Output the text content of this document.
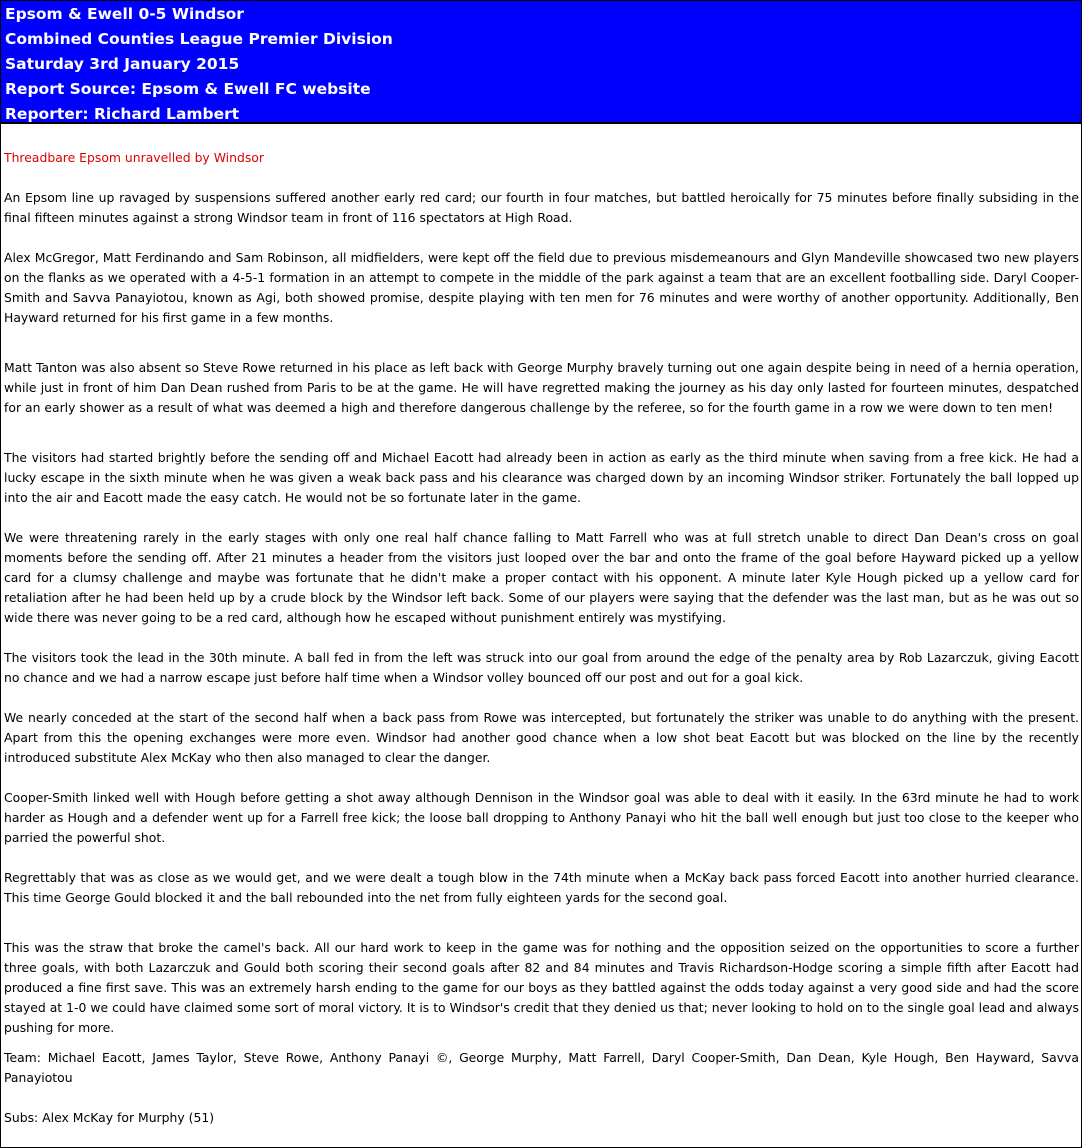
Epsom & Ewell 0-5 Windsor
Combined Counties League Premier Division
Saturday 3rd January 2015
Report Source: Epsom & Ewell FC website
Reporter: Richard Lambert

Threadbare Epsom unravelled by Windsor

An Epsom line up ravaged by suspensions suffered another early red card; our fourth in four matches, but battled heroically for 75 minutes before finally subsiding in the final fifteen minutes against a strong Windsor team in front of 116 spectators at High Road.

Alex McGregor, Matt Ferdinando and Sam Robinson, all midfielders, were kept off the field due to previous misdemeanours and Glyn Mandeville showcased two new players on the flanks as we operated with a 4-5-1 formation in an attempt to compete in the middle of the park against a team that are an excellent footballing side. Daryl Cooper-Smith and Savva Panayiotou, known as Agi, both showed promise, despite playing with ten men for 76 minutes and were worthy of another opportunity. Additionally, Ben Hayward returned for his first game in a few months.

Matt Tanton was also absent so Steve Rowe returned in his place as left back with George Murphy bravely turning out one again despite being in need of a hernia operation, while just in front of him Dan Dean rushed from Paris to be at the game. He will have regretted making the journey as his day only lasted for fourteen minutes, despatched for an early shower as a result of what was deemed a high and therefore dangerous challenge by the referee, so for the fourth game in a row we were down to ten men!

The visitors had started brightly before the sending off and Michael Eacott had already been in action as early as the third minute when saving from a free kick. He had a lucky escape in the sixth minute when he was given a weak back pass and his clearance was charged down by an incoming Windsor striker. Fortunately the ball lopped up into the air and Eacott made the easy catch. He would not be so fortunate later in the game.

We were threatening rarely in the early stages with only one real half chance falling to Matt Farrell who was at full stretch unable to direct Dan Dean's cross on goal moments before the sending off. After 21 minutes a header from the visitors just looped over the bar and onto the frame of the goal before Hayward picked up a yellow card for a clumsy challenge and maybe was fortunate that he didn't make a proper contact with his opponent. A minute later Kyle Hough picked up a yellow card for retaliation after he had been held up by a crude block by the Windsor left back. Some of our players were saying that the defender was the last man, but as he was out so wide there was never going to be a red card, although how he escaped without punishment entirely was mystifying.

The visitors took the lead in the 30th minute. A ball fed in from the left was struck into our goal from around the edge of the penalty area by Rob Lazarczuk, giving Eacott no chance and we had a narrow escape just before half time when a Windsor volley bounced off our post and out for a goal kick.

We nearly conceded at the start of the second half when a back pass from Rowe was intercepted, but fortunately the striker was unable to do anything with the present. Apart from this the opening exchanges were more even. Windsor had another good chance when a low shot beat Eacott but was blocked on the line by the recently introduced substitute Alex McKay who then also managed to clear the danger.

Cooper-Smith linked well with Hough before getting a shot away although Dennison in the Windsor goal was able to deal with it easily. In the 63rd minute he had to work harder as Hough and a defender went up for a Farrell free kick; the loose ball dropping to Anthony Panayi who hit the ball well enough but just too close to the keeper who parried the powerful shot.

Regrettably that was as close as we would get, and we were dealt a tough blow in the 74th minute when a McKay back pass forced Eacott into another hurried clearance. This time George Gould blocked it and the ball rebounded into the net from fully eighteen yards for the second goal.

This was the straw that broke the camel's back. All our hard work to keep in the game was for nothing and the opposition seized on the opportunities to score a further three goals, with both Lazarczuk and Gould both scoring their second goals after 82 and 84 minutes and Travis Richardson-Hodge scoring a simple fifth after Eacott had produced a fine first save. This was an extremely harsh ending to the game for our boys as they battled against the odds today against a very good side and had the score stayed at 1-0 we could have claimed some sort of moral victory. It is to Windsor's credit that they denied us that; never looking to hold on to the single goal lead and always pushing for more.

Team: Michael Eacott, James Taylor, Steve Rowe, Anthony Panayi ©, George Murphy, Matt Farrell, Daryl Cooper-Smith, Dan Dean, Kyle Hough, Ben Hayward, Savva Panayiotou

Subs: Alex McKay for Murphy (51)
